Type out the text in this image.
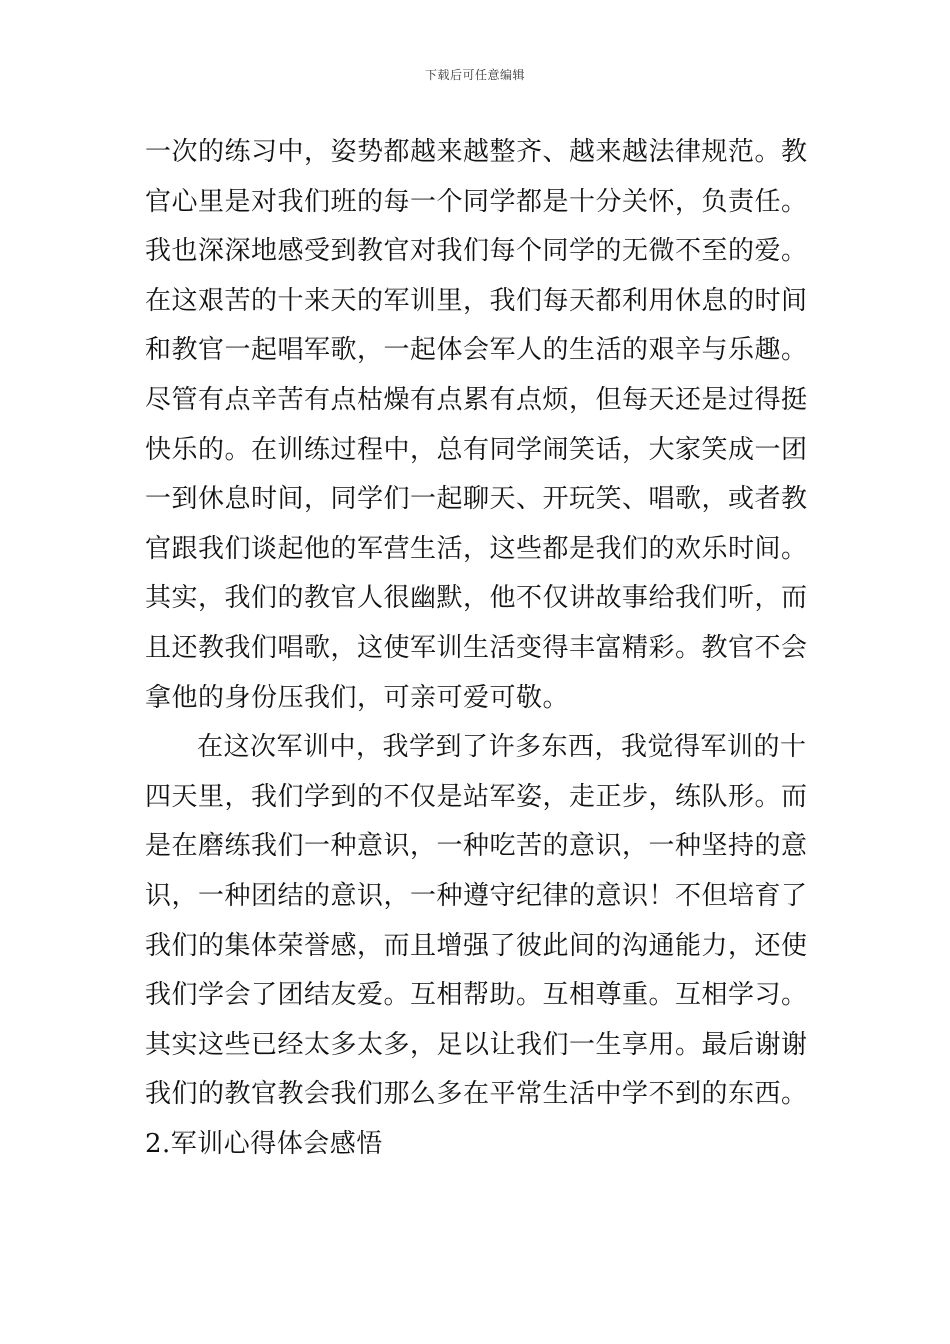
下载后可任意编辑
一次的练习中，姿势都越来越整齐、越来越法律规范。教
官心里是对我们班的每一个同学都是十分关怀，负责任。
我也深深地感受到教官对我们每个同学的无微不至的爱。
在这艰苦的十来天的军训里，我们每天都利用休息的时间
和教官一起唱军歌，一起体会军人的生活的艰辛与乐趣。
尽管有点辛苦有点枯燥有点累有点烦，但每天还是过得挺
快乐的。在训练过程中，总有同学闹笑话，大家笑成一团
一到休息时间，同学们一起聊天、开玩笑、唱歌，或者教
官跟我们谈起他的军营生活，这些都是我们的欢乐时间。
其实，我们的教官人很幽默，他不仅讲故事给我们听，而
且还教我们唱歌，这使军训生活变得丰富精彩。教官不会
拿他的身份压我们，可亲可爱可敬。
在这次军训中，我学到了许多东西，我觉得军训的十
四天里，我们学到的不仅是站军姿，走正步，练队形。而
是在磨练我们一种意识，一种吃苦的意识，一种坚持的意
识，一种团结的意识，一种遵守纪律的意识！不但培育了
我们的集体荣誉感，而且增强了彼此间的沟通能力，还使
我们学会了团结友爱。互相帮助。互相尊重。互相学习。
其实这些已经太多太多，足以让我们一生享用。最后谢谢
我们的教官教会我们那么多在平常生活中学不到的东西。
2.军训心得体会感悟
